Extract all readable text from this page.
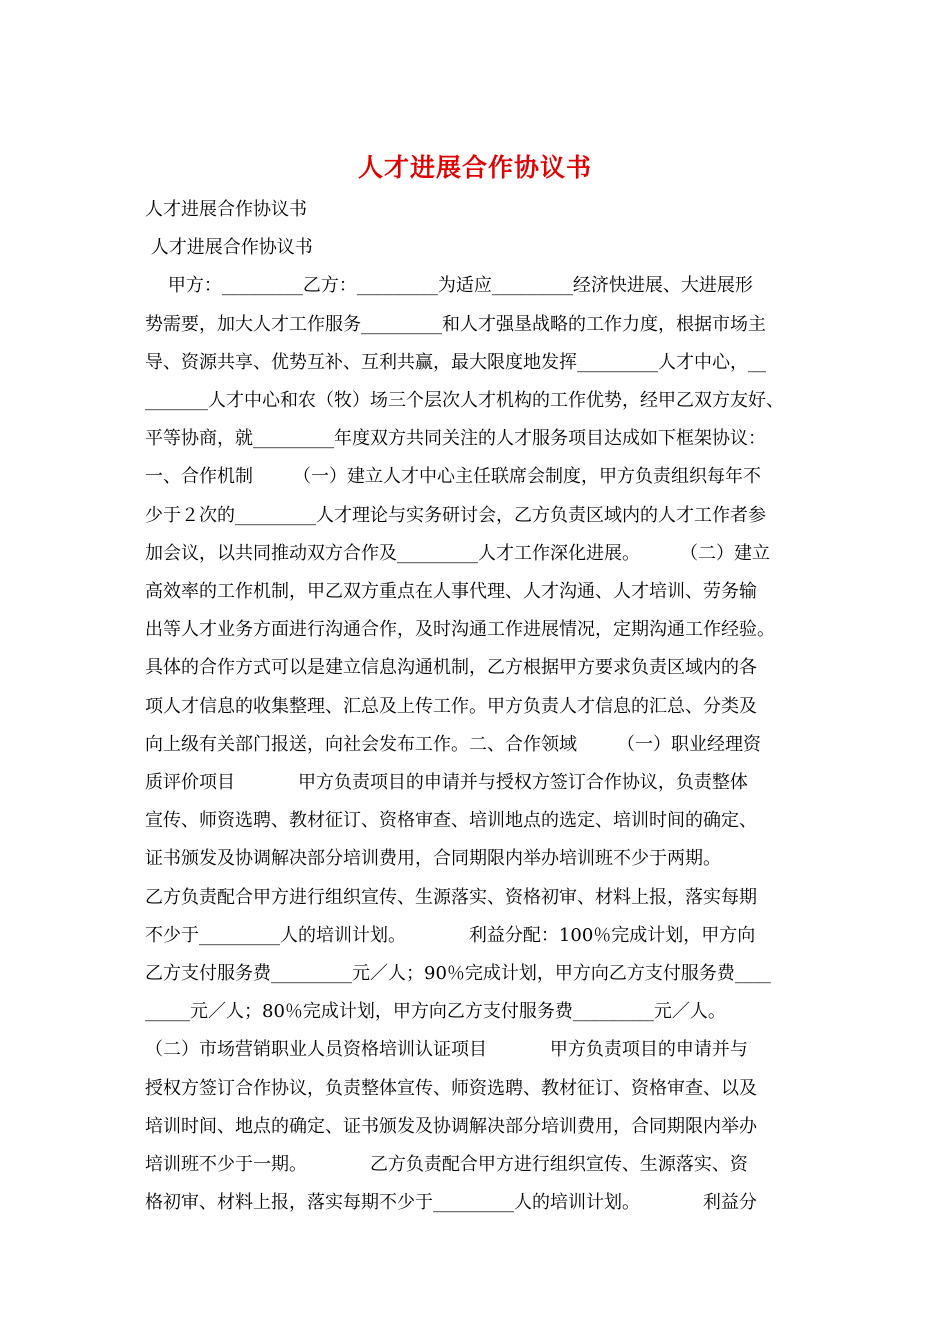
人才进展合作协议书
人才进展合作协议书
人才进展合作协议书
甲方：_________乙方：_________为适应_________经济快进展、大进展形
势需要，加大人才工作服务_________和人才强垦战略的工作力度，根据市场主
导、资源共享、优势互补、互利共赢，最大限度地发挥_________人才中心，__
_______人才中心和农（牧）场三个层次人才机构的工作优势，经甲乙双方友好、
平等协商，就_________年度双方共同关注的人才服务项目达成如下框架协议：
一、合作机制       （一）建立人才中心主任联席会制度，甲方负责组织每年不
少于２次的_________人才理论与实务研讨会，乙方负责区域内的人才工作者参
加会议，以共同推动双方合作及_________人才工作深化进展。       （二）建立
高效率的工作机制，甲乙双方重点在人事代理、人才沟通、人才培训、劳务输
出等人才业务方面进行沟通合作，及时沟通工作进展情况，定期沟通工作经验。
具体的合作方式可以是建立信息沟通机制，乙方根据甲方要求负责区域内的各
项人才信息的收集整理、汇总及上传工作。甲方负责人才信息的汇总、分类及
向上级有关部门报送，向社会发布工作。二、合作领域       （一）职业经理资
质评价项目           甲方负责项目的申请并与授权方签订合作协议，负责整体
宣传、师资选聘、教材征订、资格审查、培训地点的选定、培训时间的确定、
证书颁发及协调解决部分培训费用，合同期限内举办培训班不少于两期。
乙方负责配合甲方进行组织宣传、生源落实、资格初审、材料上报，落实每期
不少于_________人的培训计划。           利益分配：100％完成计划，甲方向
乙方支付服务费_________元／人；90％完成计划，甲方向乙方支付服务费____
_____元／人；80％完成计划，甲方向乙方支付服务费_________元／人。
（二）市场营销职业人员资格培训认证项目           甲方负责项目的申请并与
授权方签订合作协议，负责整体宣传、师资选聘、教材征订、资格审查、以及
培训时间、地点的确定、证书颁发及协调解决部分培训费用，合同期限内举办
培训班不少于一期。           乙方负责配合甲方进行组织宣传、生源落实、资
格初审、材料上报，落实每期不少于_________人的培训计划。           利益分
